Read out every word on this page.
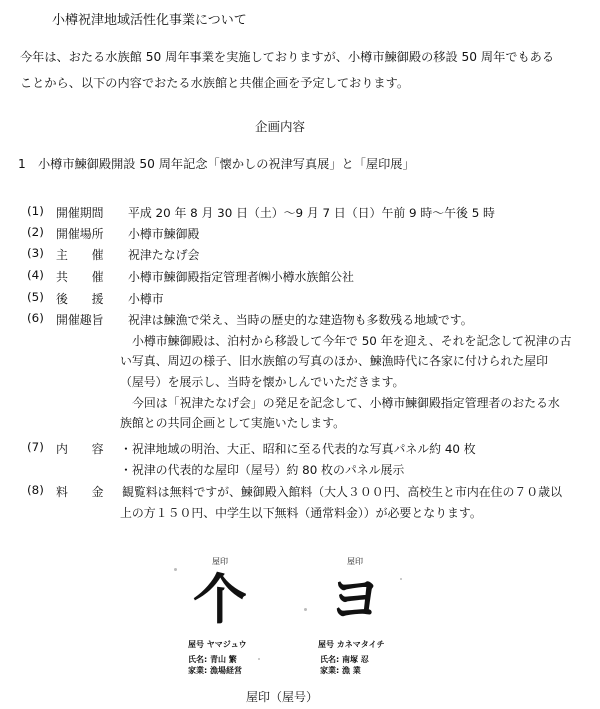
小樽祝津地域活性化事業について
今年は、おたる水族館 50 周年事業を実施しておりますが、小樽市鰊御殿の移設 50 周年でもある
ことから、以下の内容でおたる水族館と共催企画を予定しております。
企画内容
1　小樽市鰊御殿開設 50 周年記念「懐かしの祝津写真展」と「屋印展」
(1) 開催期間 平成 20 年 8 月 30 日（土）～9 月 7 日（日）午前 9 時～午後 5 時
(2) 開催場所 小樽市鰊御殿
(3) 主　　催 祝津たなげ会
(4) 共　　催 小樽市鰊御殿指定管理者㈱小樽水族館公社
(5) 後　　援 小樽市
(6) 開催趣旨 祝津は鰊漁で栄え、当時の歴史的な建造物も多数残る地域です。
小樽市鰊御殿は、泊村から移設して今年で 50 年を迎え、それを記念して祝津の古
い写真、周辺の様子、旧水族館の写真のほか、鰊漁時代に各家に付けられた屋印
（屋号）を展示し、当時を懐かしんでいただきます。
今回は「祝津たなげ会」の発足を記念して、小樽市鰊御殿指定管理者のおたる水
族館との共同企画として実施いたします。
(7) 内　　容 ・祝津地域の明治、大正、昭和に至る代表的な写真パネル約 40 枚
・祝津の代表的な屋印（屋号）約 80 枚のパネル展示
(8) 料　　金 観覧料は無料ですが、鰊御殿入館料（大人３００円、高校生と市内在住の７０歳以
上の方１５０円、中学生以下無料（通常料金））が必要となります。
屋印
个
屋号 ヤマジュウ
氏名: 青山 繁
家業: 漁場経営
屋印
ヨ
屋号 カネマタイチ
氏名: 南塚 忍
家業: 漁 業
屋印（屋号）
